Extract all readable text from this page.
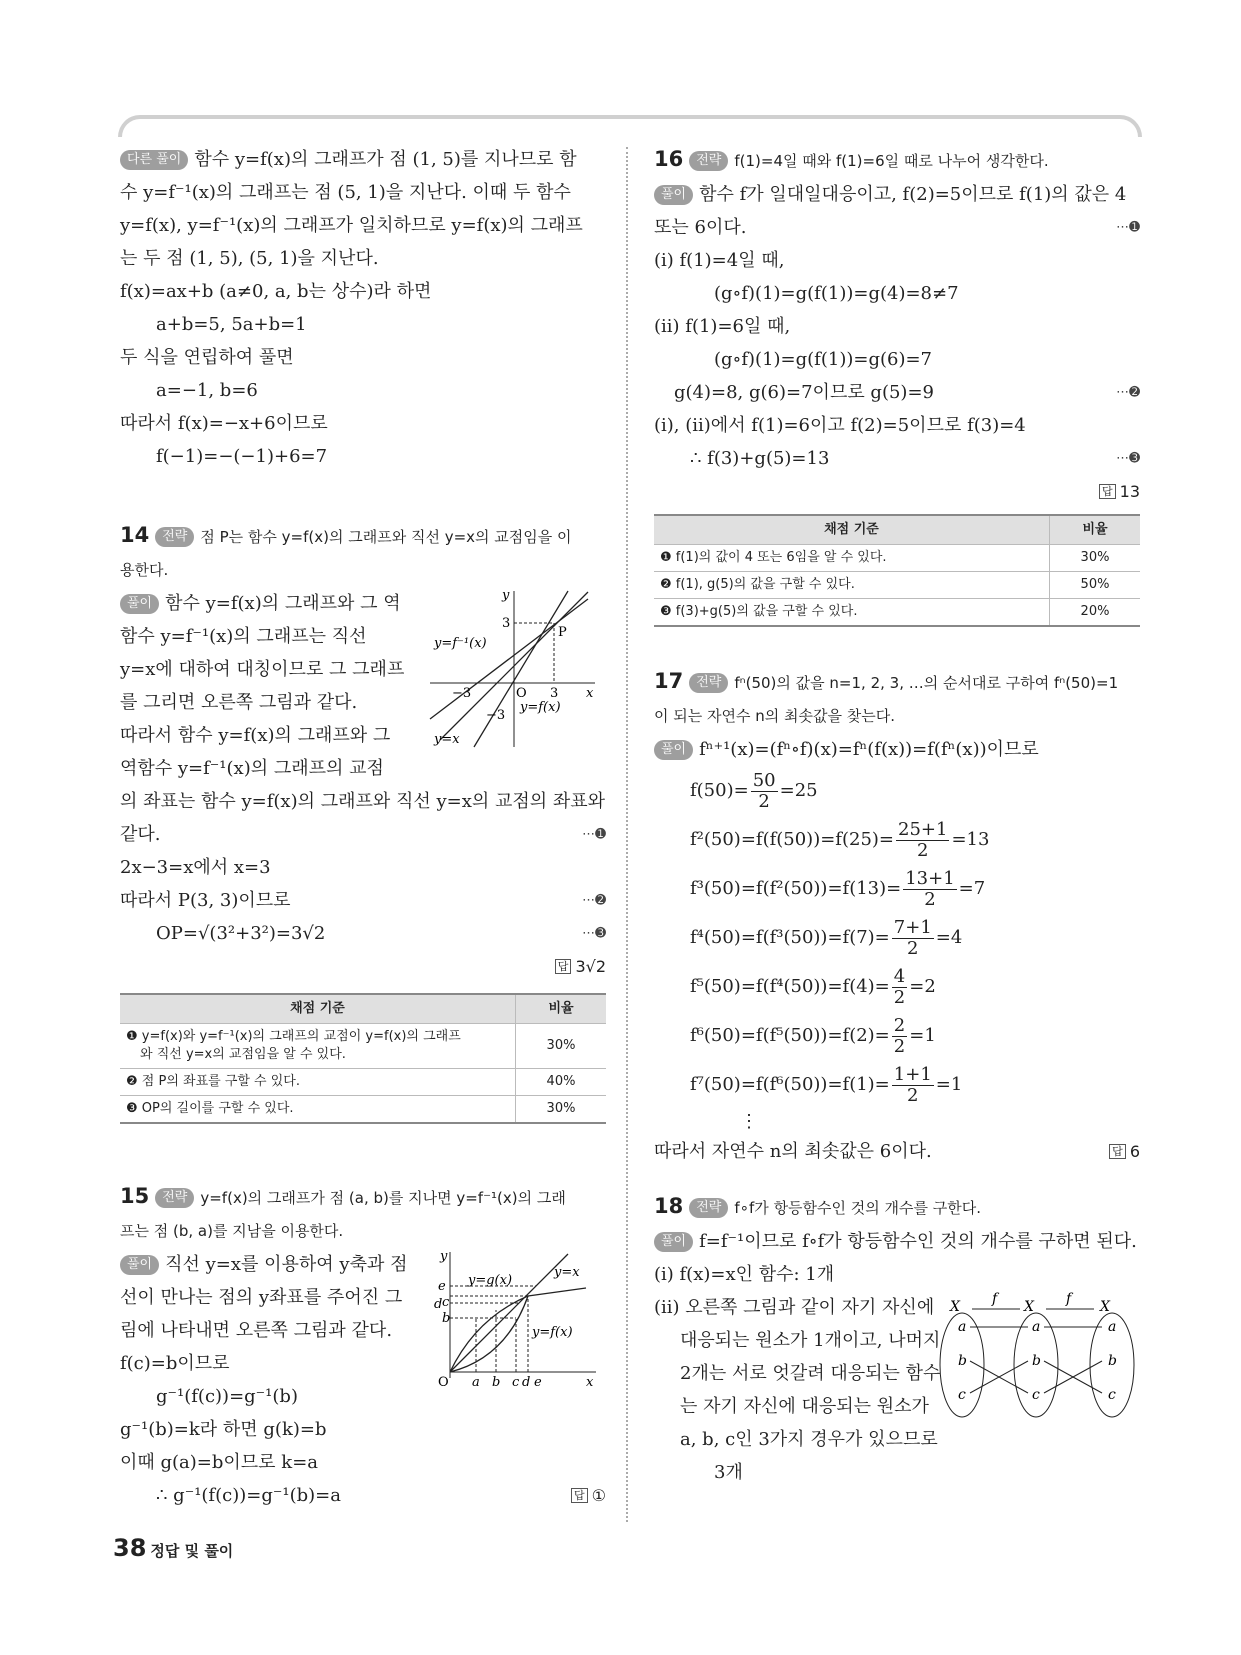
다른 풀이 함수 y=f(x)의 그래프가 점 (1, 5)를 지나므로 함
수 y=f⁻¹(x)의 그래프는 점 (5, 1)을 지난다. 이때 두 함수
y=f(x), y=f⁻¹(x)의 그래프가 일치하므로 y=f(x)의 그래프
는 두 점 (1, 5), (5, 1)을 지난다.
f(x)=ax+b (a≠0, a, b는 상수)라 하면
a+b=5, 5a+b=1
두 식을 연립하여 풀면
a=−1, b=6
따라서 f(x)=−x+6이므로
f(−1)=−(−1)+6=7
14 전략 점 P는 함수 y=f(x)의 그래프와 직선 y=x의 교점임을 이
용한다.
풀이 함수 y=f(x)의 그래프와 그 역
함수 y=f⁻¹(x)의 그래프는 직선
y=x에 대하여 대칭이므로 그 그래프
를 그리면 오른쪽 그림과 같다.
따라서 함수 y=f(x)의 그래프와 그
역함수 y=f⁻¹(x)의 그래프의 교점
y
x
O
P
3
−3	3
−3
y=f⁻¹(x)
y=f(x)
y=x
의 좌표는 함수 y=f(x)의 그래프와 직선 y=x의 교점의 좌표와
같다.	⋯➊
2x−3=x에서 x=3
따라서 P(3, 3)이므로	⋯➋
OP=√(3²+3²)=3√2	⋯➌
답 3√2
채점 기준	비율

❶ y=f(x)와 y=f⁻¹(x)의 그래프의 교점이 y=f(x)의 그래프
와 직선 y=x의 교점임을 알 수 있다.	30%
❷ 점 P의 좌표를 구할 수 있다.	40%
❸ OP의 길이를 구할 수 있다.	30%
15 전략 y=f(x)의 그래프가 점 (a, b)를 지나면 y=f⁻¹(x)의 그래
프는 점 (b, a)를 지남을 이용한다.
풀이 직선 y=x를 이용하여 y축과 점
선이 만나는 점의 y좌표를 주어진 그
림에 나타내면 오른쪽 그림과 같다.
f(c)=b이므로
g⁻¹(f(c))=g⁻¹(b)
g⁻¹(b)=k라 하면 g(k)=b
이때 g(a)=b이므로 k=a
∴ g⁻¹(f(c))=g⁻¹(b)=a	답 ①
y
x
O
y=x
y=g(x)
y=f(x)
e
d c
b
a b c d e
16 전략 f(1)=4일 때와 f(1)=6일 때로 나누어 생각한다.
풀이 함수 f가 일대일대응이고, f(2)=5이므로 f(1)의 값은 4
또는 6이다.	⋯➊
(i) f(1)=4일 때,
(g∘f)(1)=g(f(1))=g(4)=8≠7
(ii) f(1)=6일 때,
(g∘f)(1)=g(f(1))=g(6)=7
g(4)=8, g(6)=7이므로 g(5)=9	⋯➋
(i), (ii)에서 f(1)=6이고 f(2)=5이므로 f(3)=4
∴ f(3)+g(5)=13	⋯➌
답 13
채점 기준	비율
❶ f(1)의 값이 4 또는 6임을 알 수 있다.	30%
❷ f(1), g(5)의 값을 구할 수 있다.	50%
❸ f(3)+g(5)의 값을 구할 수 있다.	20%
17 전략 fⁿ(50)의 값을 n=1, 2, 3, …의 순서대로 구하여 fⁿ(50)=1
이 되는 자연수 n의 최솟값을 찾는다.
풀이 fⁿ⁺¹(x)=(fⁿ∘f)(x)=fⁿ(f(x))=f(fⁿ(x))이므로
$f(50)= \frac{50}{2} =25$
$f^2(50)=f(f(50))=f(25)= \frac{25+1}{2} =13$
$f^3(50)=f(f^2(50))=f(13)= \frac{13+1}{2} =7$
$f^4(50)=f(f^3(50))=f(7)= \frac{7+1}{2} =4$
$f^5(50)=f(f^4(50))=f(4)= \frac{4}{2} =2$
$f^6(50)=f(f^5(50))=f(2)= \frac{2}{2} =1$
$f^7(50)=f(f^6(50))=f(1)= \frac{1+1}{2} =1$
⋮
따라서 자연수 n의 최솟값은 6이다.	답 6
18 전략 f∘f가 항등함수인 것의 개수를 구한다.
풀이 f=f⁻¹이므로 f∘f가 항등함수인 것의 개수를 구하면 된다.
(i) f(x)=x인 함수: 1개
(ii) 오른쪽 그림과 같이 자기 자신에
대응되는 원소가 1개이고, 나머지
2개는 서로 엇갈려 대응되는 함수
는 자기 자신에 대응되는 원소가
a, b, c인 3가지 경우가 있으므로
3개
X	X	X
f	f
a
b
c
a
b
c
a
b
c
38 정답 및 풀이
